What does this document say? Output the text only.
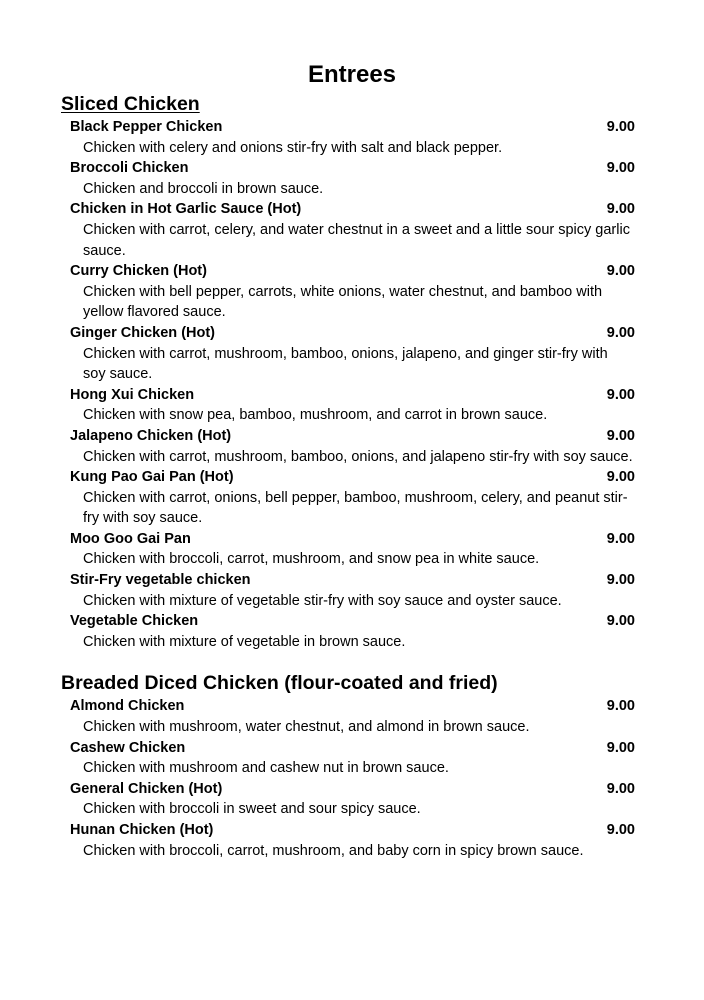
Entrees
Sliced Chicken
Black Pepper Chicken	9.00
Chicken with celery and onions stir-fry with salt and black pepper.
Broccoli Chicken	9.00
Chicken and broccoli in brown sauce.
Chicken in Hot Garlic Sauce (Hot)	9.00
Chicken with carrot, celery, and water chestnut in a sweet and a little sour spicy garlic sauce.
Curry Chicken (Hot)	9.00
Chicken with bell pepper, carrots, white onions, water chestnut, and bamboo with yellow flavored sauce.
Ginger Chicken (Hot)	9.00
Chicken with carrot, mushroom, bamboo, onions, jalapeno, and ginger stir-fry with soy sauce.
Hong Xui Chicken	9.00
Chicken with snow pea, bamboo, mushroom, and carrot in brown sauce.
Jalapeno Chicken (Hot)	9.00
Chicken with carrot, mushroom, bamboo, onions, and jalapeno stir-fry with soy sauce.
Kung Pao Gai Pan (Hot)	9.00
Chicken with carrot, onions, bell pepper, bamboo, mushroom, celery, and peanut stir-fry with soy sauce.
Moo Goo Gai Pan	9.00
Chicken with broccoli, carrot, mushroom, and snow pea in white sauce.
Stir-Fry vegetable chicken	9.00
Chicken with mixture of vegetable stir-fry with soy sauce and oyster sauce.
Vegetable Chicken	9.00
Chicken with mixture of vegetable in brown sauce.
Breaded Diced Chicken (flour-coated and fried)
Almond Chicken	9.00
Chicken with mushroom, water chestnut, and almond in brown sauce.
Cashew Chicken	9.00
Chicken with mushroom and cashew nut in brown sauce.
General Chicken (Hot)	9.00
Chicken with broccoli in sweet and sour spicy sauce.
Hunan Chicken (Hot)	9.00
Chicken with broccoli, carrot, mushroom, and baby corn in spicy brown sauce.
